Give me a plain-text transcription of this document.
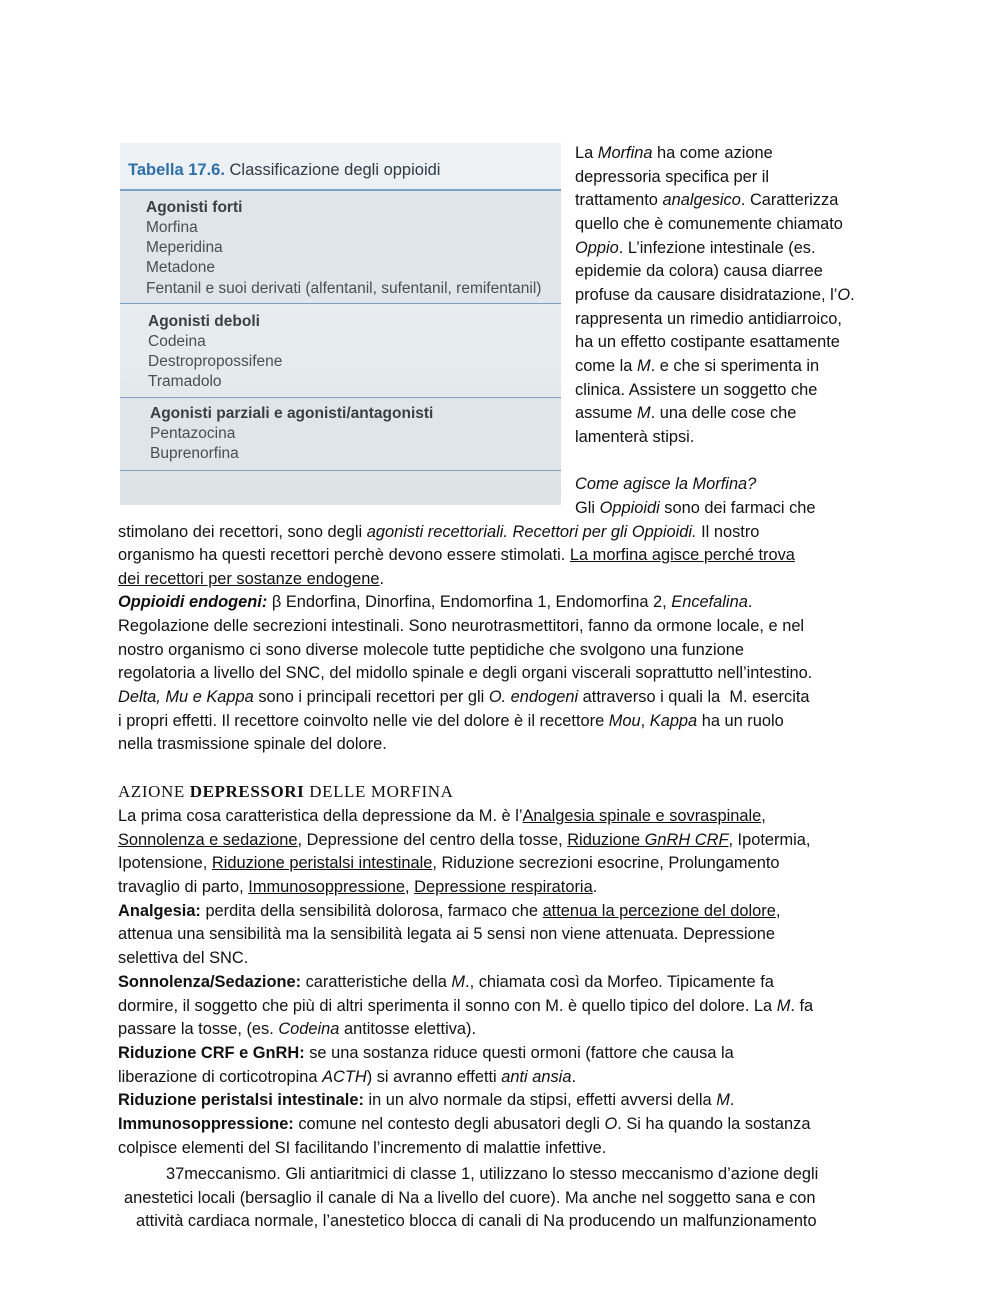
Tabella 17.6. Classificazione degli oppioidi
Agonisti forti
Morfina
Meperidina
Metadone
Fentanil e suoi derivati (alfentanil, sufentanil, remifentanil)
Agonisti deboli
Codeina
Destropropossifene
Tramadolo
Agonisti parziali e agonisti/antagonisti
Pentazocina
Buprenorfina
La Morfina ha come azione
depressoria specifica per il
trattamento analgesico. Caratterizza
quello che è comunemente chiamato
Oppio. L’infezione intestinale (es.
epidemie da colora) causa diarree
profuse da causare disidratazione, l’O.
rappresenta un rimedio antidiarroico,
ha un effetto costipante esattamente
come la M. e che si sperimenta in
clinica. Assistere un soggetto che
assume M. una delle cose che
lamenterà stipsi.
Come agisce la Morfina?
Gli Oppioidi sono dei farmaci che
stimolano dei recettori, sono degli agonisti recettoriali. Recettori per gli Oppioidi. Il nostro
organismo ha questi recettori perchè devono essere stimolati. La morfina agisce perché trova
dei recettori per sostanze endogene.
Oppioidi endogeni: β Endorfina, Dinorfina, Endomorfina 1, Endomorfina 2, Encefalina.
Regolazione delle secrezioni intestinali. Sono neurotrasmettitori, fanno da ormone locale, e nel
nostro organismo ci sono diverse molecole tutte peptidiche che svolgono una funzione
regolatoria a livello del SNC, del midollo spinale e degli organi viscerali soprattutto nell’intestino.
Delta, Mu e Kappa sono i principali recettori per gli O. endogeni attraverso i quali la  M. esercita
i propri effetti. Il recettore coinvolto nelle vie del dolore è il recettore Mou, Kappa ha un ruolo
nella trasmissione spinale del dolore.
AZIONE DEPRESSORI DELLE MORFINA
La prima cosa caratteristica della depressione da M. è l’Analgesia spinale e sovraspinale,
Sonnolenza e sedazione, Depressione del centro della tosse, Riduzione GnRH CRF, Ipotermia,
Ipotensione, Riduzione peristalsi intestinale, Riduzione secrezioni esocrine, Prolungamento
travaglio di parto, Immunosoppressione, Depressione respiratoria.
Analgesia: perdita della sensibilità dolorosa, farmaco che attenua la percezione del dolore,
attenua una sensibilità ma la sensibilità legata ai 5 sensi non viene attenuata. Depressione
selettiva del SNC.
Sonnolenza/Sedazione: caratteristiche della M., chiamata così da Morfeo. Tipicamente fa
dormire, il soggetto che più di altri sperimenta il sonno con M. è quello tipico del dolore. La M. fa
passare la tosse, (es. Codeina antitosse elettiva).
Riduzione CRF e GnRH: se una sostanza riduce questi ormoni (fattore che causa la
liberazione di corticotropina ACTH) si avranno effetti anti ansia.
Riduzione peristalsi intestinale: in un alvo normale da stipsi, effetti avversi della M.
Immunosoppressione: comune nel contesto degli abusatori degli O. Si ha quando la sostanza
colpisce elementi del SI facilitando l’incremento di malattie infettive.
37meccanismo. Gli antiaritmici di classe 1, utilizzano lo stesso meccanismo d’azione degli
anestetici locali (bersaglio il canale di Na a livello del cuore). Ma anche nel soggetto sana e con
attività cardiaca normale, l’anestetico blocca di canali di Na producendo un malfunzionamento
